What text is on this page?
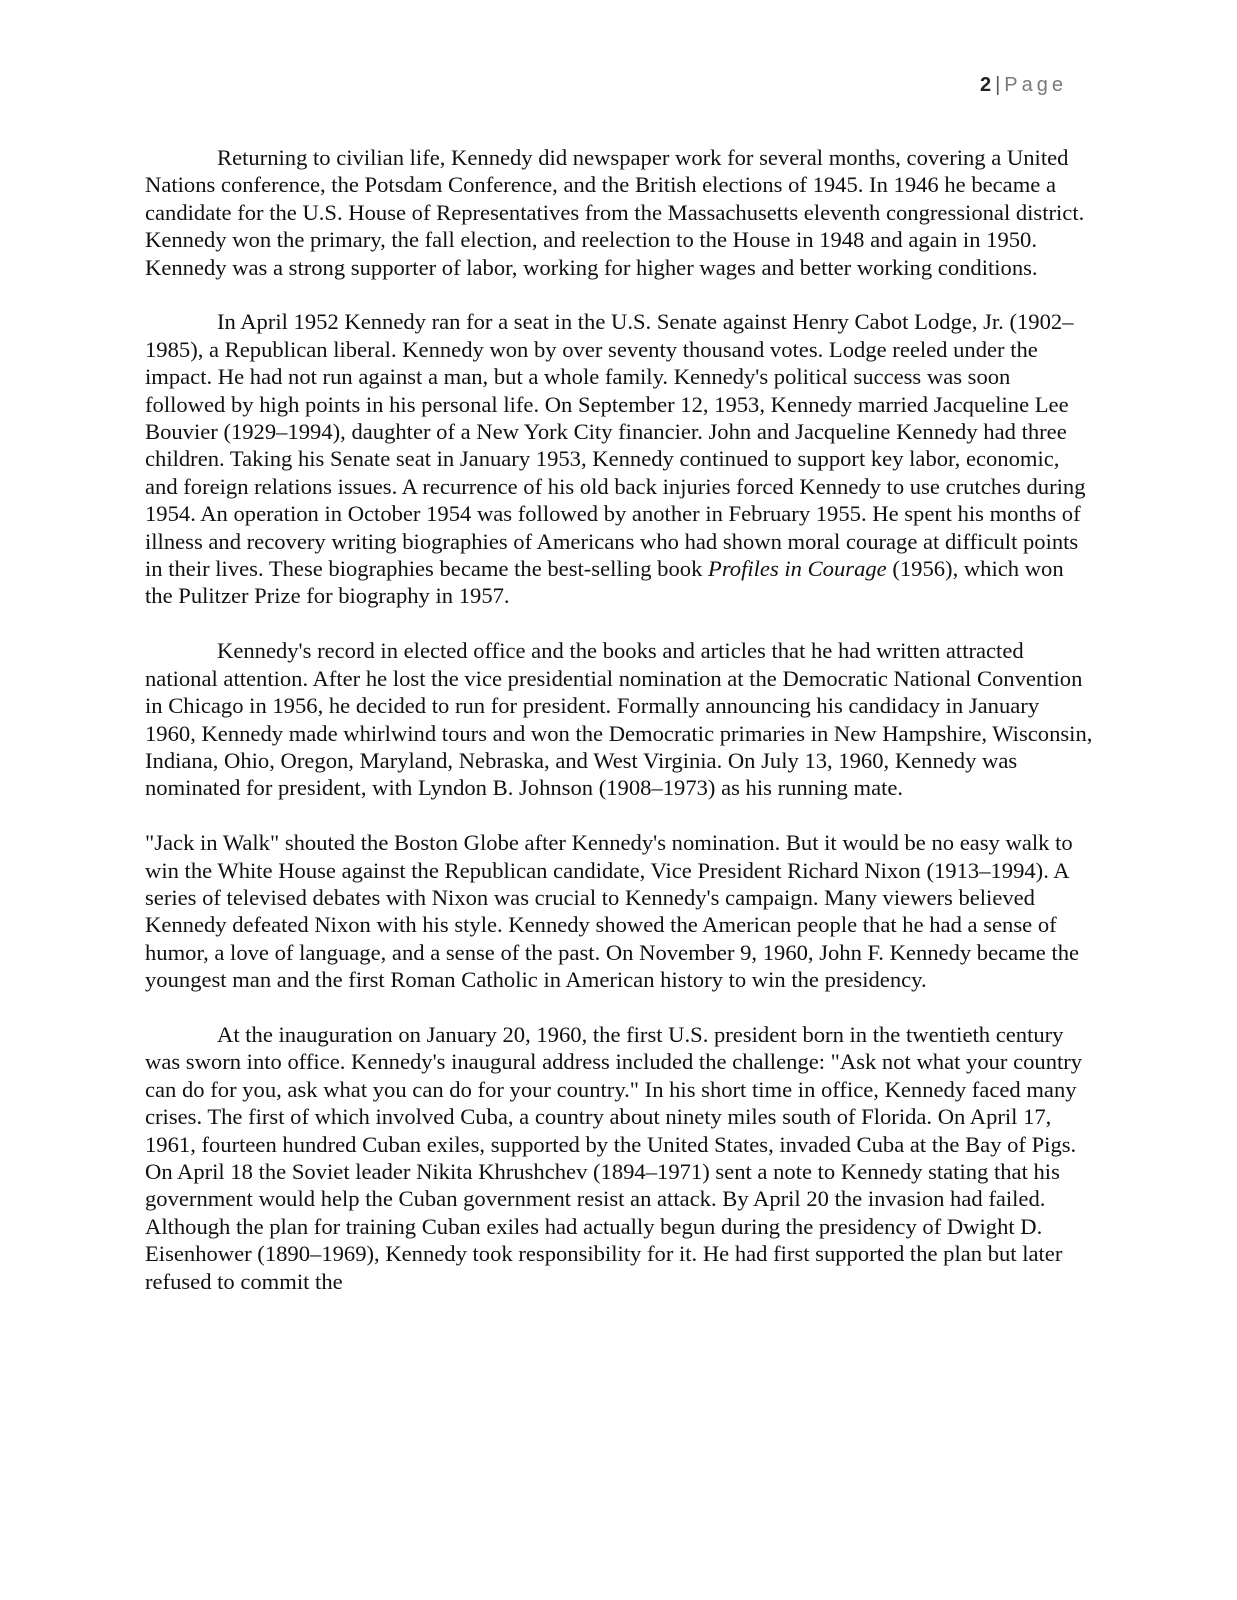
2 | Page

Returning to civilian life, Kennedy did newspaper work for several months, covering a United Nations conference, the Potsdam Conference, and the British elections of 1945. In 1946 he became a candidate for the U.S. House of Representatives from the Massachusetts eleventh congressional district. Kennedy won the primary, the fall election, and reelection to the House in 1948 and again in 1950. Kennedy was a strong supporter of labor, working for higher wages and better working conditions.

In April 1952 Kennedy ran for a seat in the U.S. Senate against Henry Cabot Lodge, Jr. (1902–1985), a Republican liberal. Kennedy won by over seventy thousand votes. Lodge reeled under the impact. He had not run against a man, but a whole family. Kennedy's political success was soon followed by high points in his personal life. On September 12, 1953, Kennedy married Jacqueline Lee Bouvier (1929–1994), daughter of a New York City financier. John and Jacqueline Kennedy had three children. Taking his Senate seat in January 1953, Kennedy continued to support key labor, economic, and foreign relations issues. A recurrence of his old back injuries forced Kennedy to use crutches during 1954. An operation in October 1954 was followed by another in February 1955. He spent his months of illness and recovery writing biographies of Americans who had shown moral courage at difficult points in their lives. These biographies became the best-selling book Profiles in Courage (1956), which won the Pulitzer Prize for biography in 1957.

Kennedy's record in elected office and the books and articles that he had written attracted national attention. After he lost the vice presidential nomination at the Democratic National Convention in Chicago in 1956, he decided to run for president. Formally announcing his candidacy in January 1960, Kennedy made whirlwind tours and won the Democratic primaries in New Hampshire, Wisconsin, Indiana, Ohio, Oregon, Maryland, Nebraska, and West Virginia. On July 13, 1960, Kennedy was nominated for president, with Lyndon B. Johnson (1908–1973) as his running mate.

"Jack in Walk" shouted the Boston Globe after Kennedy's nomination. But it would be no easy walk to win the White House against the Republican candidate, Vice President Richard Nixon (1913–1994). A series of televised debates with Nixon was crucial to Kennedy's campaign. Many viewers believed Kennedy defeated Nixon with his style. Kennedy showed the American people that he had a sense of humor, a love of language, and a sense of the past. On November 9, 1960, John F. Kennedy became the youngest man and the first Roman Catholic in American history to win the presidency.

At the inauguration on January 20, 1960, the first U.S. president born in the twentieth century was sworn into office. Kennedy's inaugural address included the challenge: "Ask not what your country can do for you, ask what you can do for your country." In his short time in office, Kennedy faced many crises. The first of which involved Cuba, a country about ninety miles south of Florida. On April 17, 1961, fourteen hundred Cuban exiles, supported by the United States, invaded Cuba at the Bay of Pigs. On April 18 the Soviet leader Nikita Khrushchev (1894–1971) sent a note to Kennedy stating that his government would help the Cuban government resist an attack. By April 20 the invasion had failed. Although the plan for training Cuban exiles had actually begun during the presidency of Dwight D. Eisenhower (1890–1969), Kennedy took responsibility for it. He had first supported the plan but later refused to commit the
